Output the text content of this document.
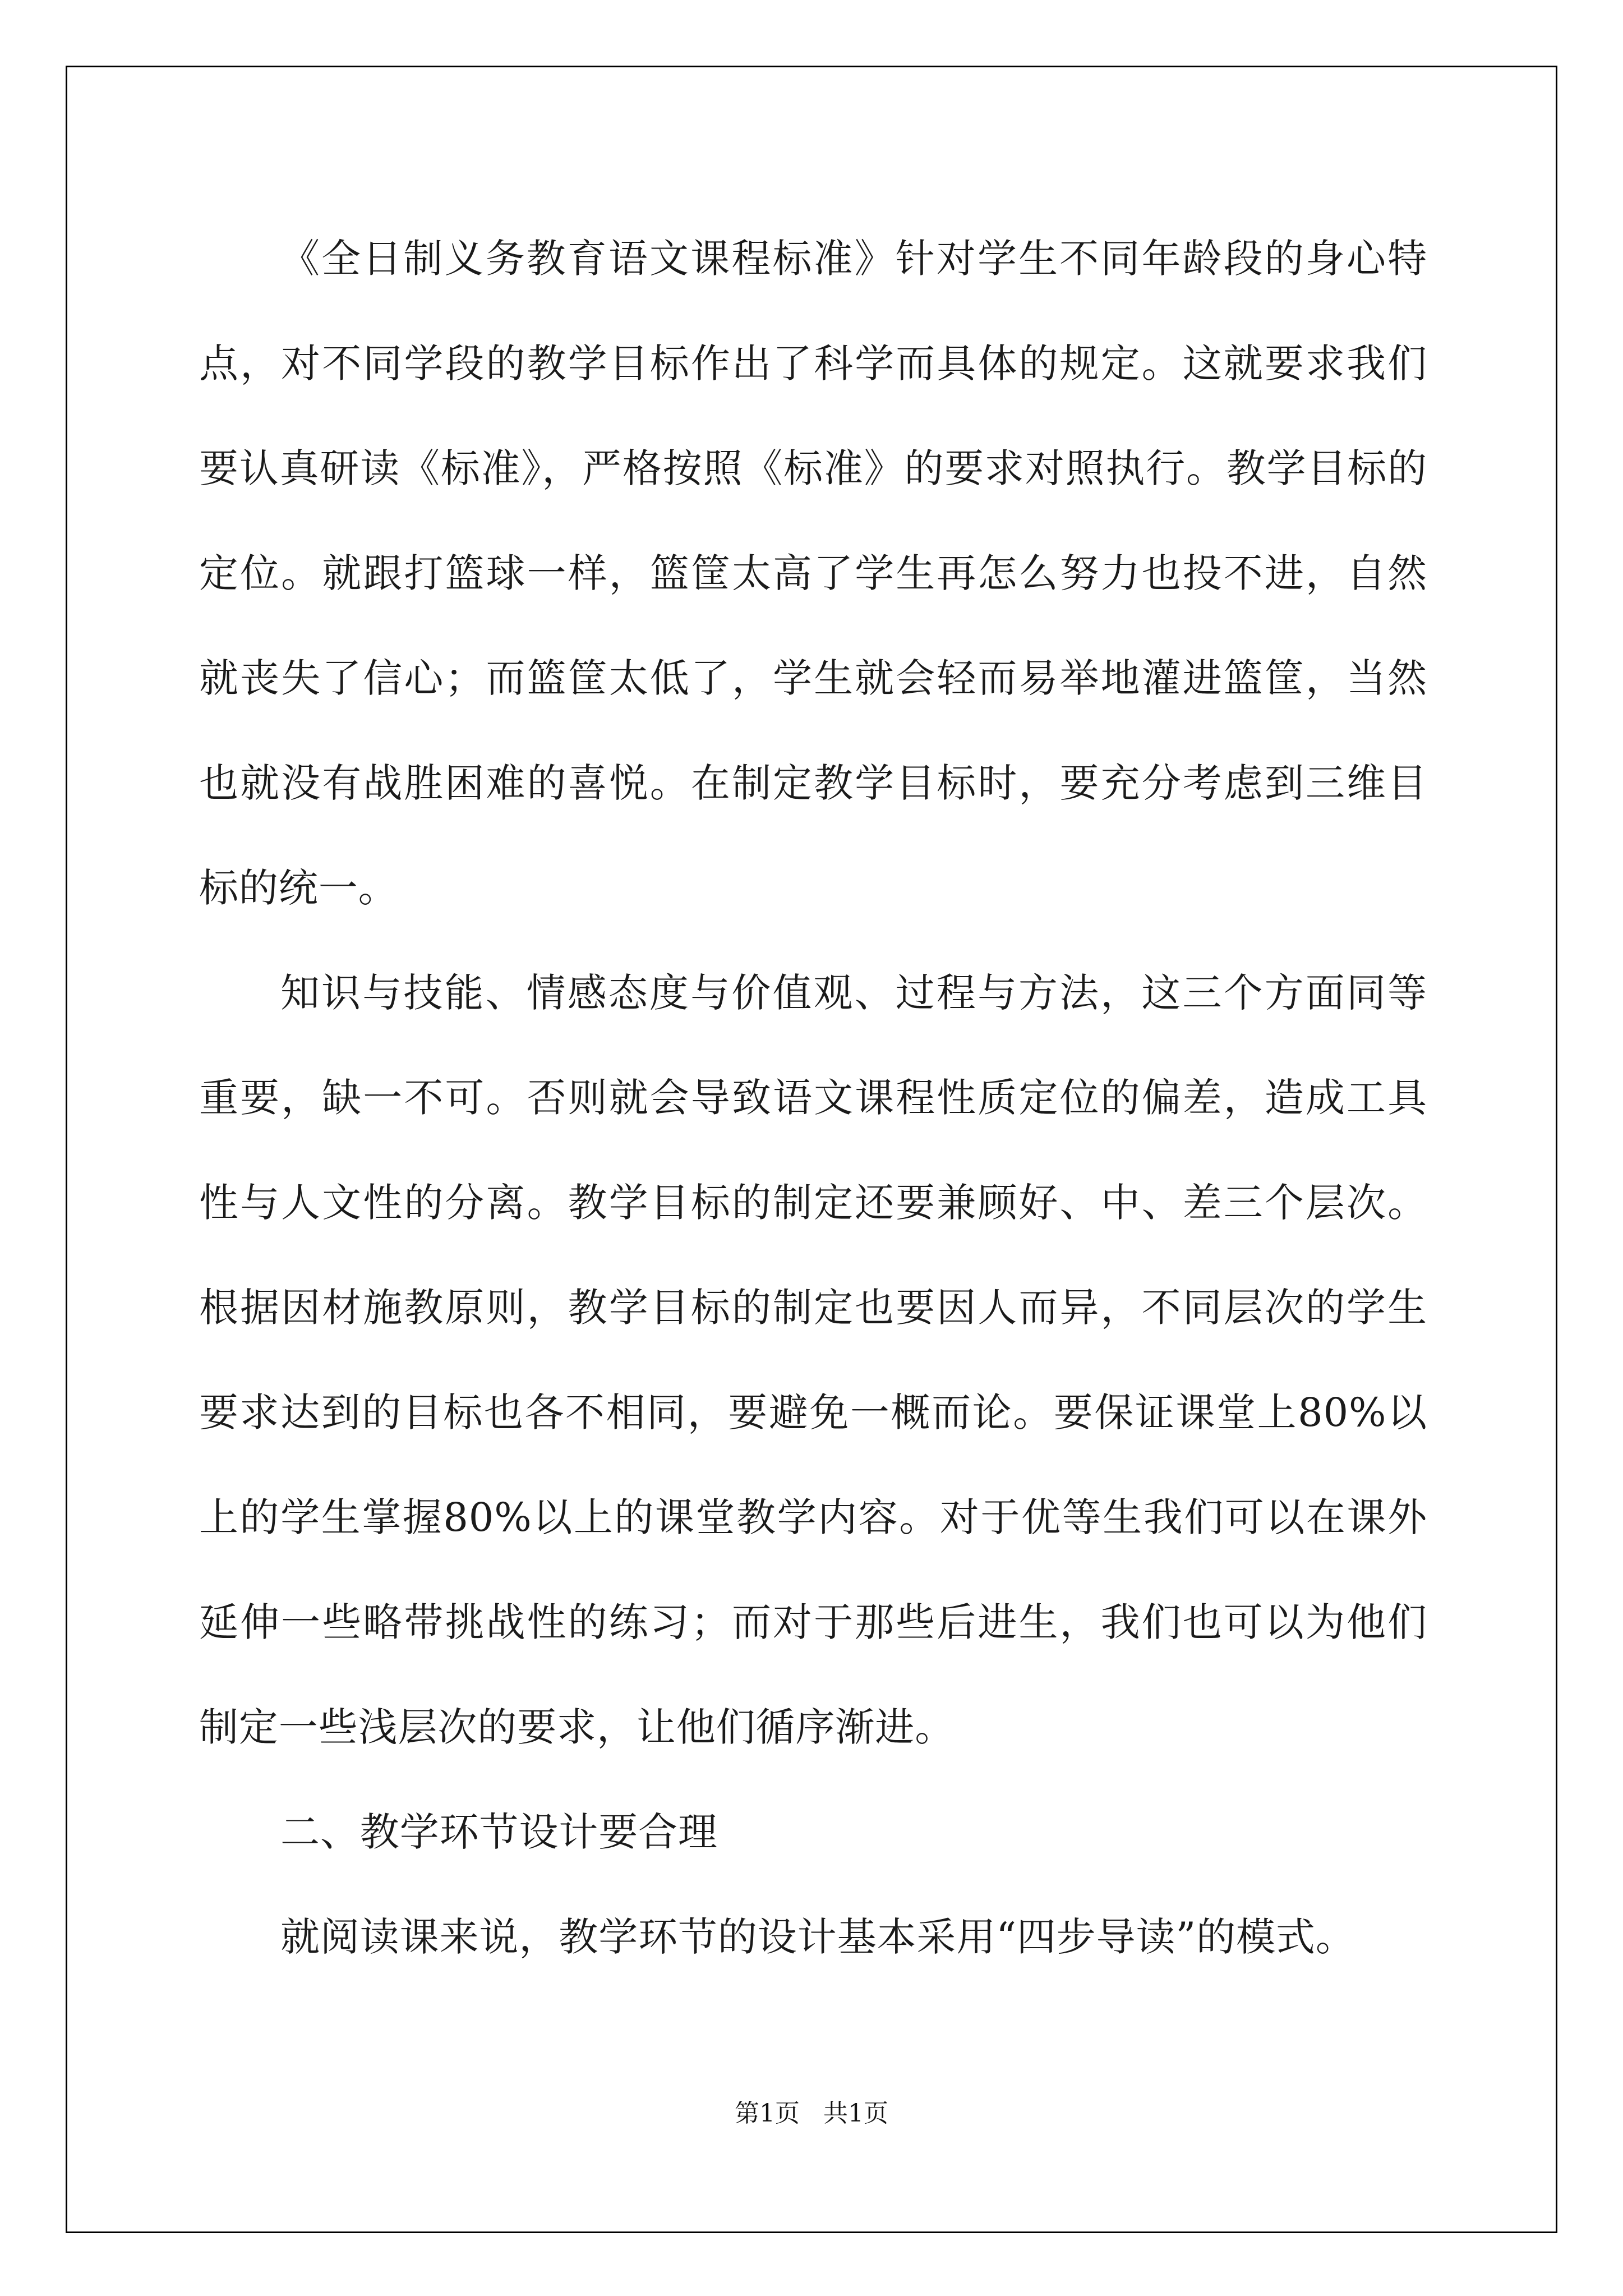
《全日制义务教育语文课程标准》针对学生不同年龄段的身心特点，对不同学段的教学目标作出了科学而具体的规定。这就要求我们要认真研读《标准》，严格按照《标准》的要求对照执行。教学目标的定位。就跟打篮球一样，篮筐太高了学生再怎么努力也投不进，自然就丧失了信心；而篮筐太低了，学生就会轻而易举地灌进篮筐，当然也就没有战胜困难的喜悦。在制定教学目标时，要充分考虑到三维目标的统一。

知识与技能、情感态度与价值观、过程与方法，这三个方面同等重要，缺一不可。否则就会导致语文课程性质定位的偏差，造成工具性与人文性的分离。教学目标的制定还要兼顾好、中、差三个层次。根据因材施教原则，教学目标的制定也要因人而异，不同层次的学生要求达到的目标也各不相同，要避免一概而论。要保证课堂上80%以上的学生掌握80%以上的课堂教学内容。对于优等生我们可以在课外延伸一些略带挑战性的练习；而对于那些后进生，我们也可以为他们制定一些浅层次的要求，让他们循序渐进。

二、教学环节设计要合理

就阅读课来说，教学环节的设计基本采用“四步导读”的模式。

第1页   共1页
